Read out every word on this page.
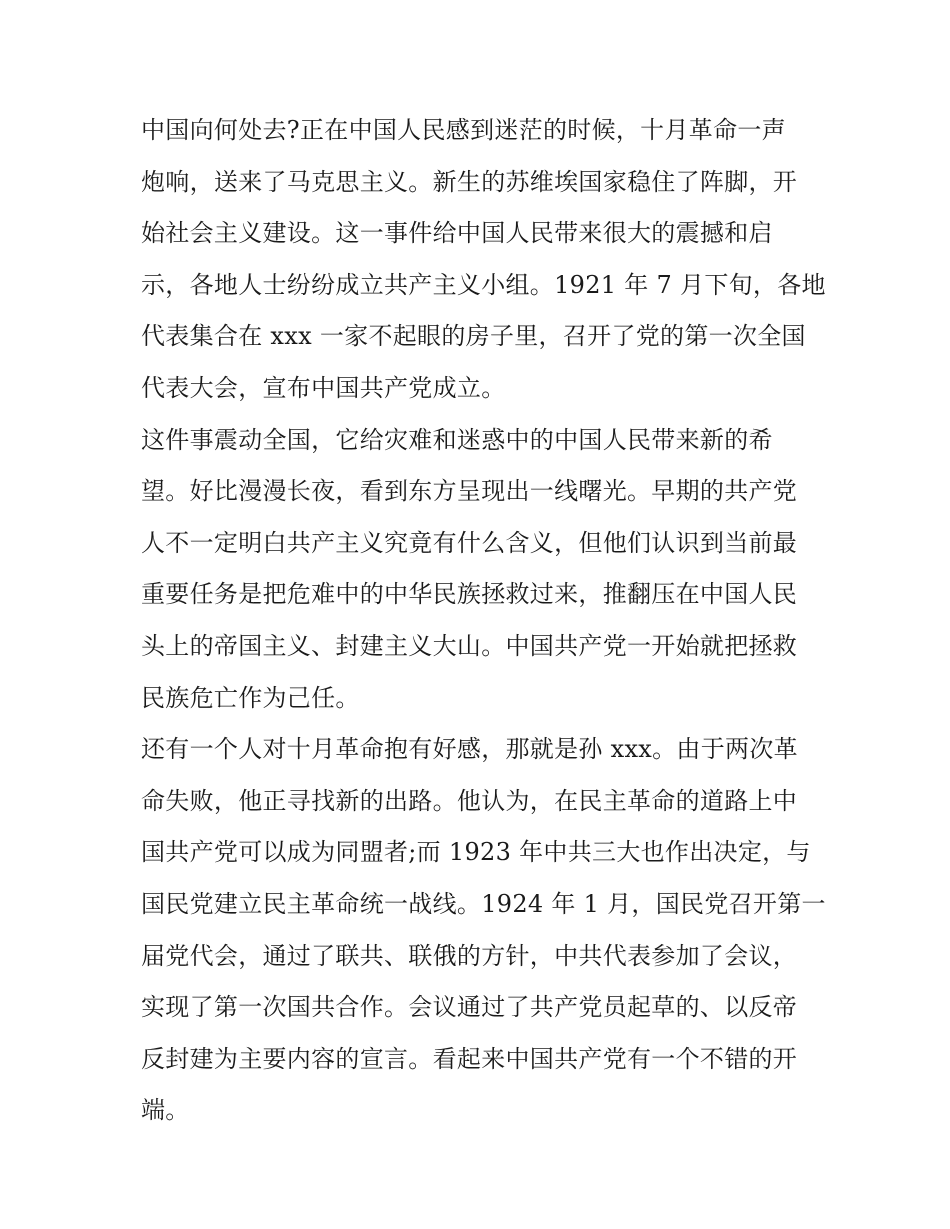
中国向何处去?正在中国人民感到迷茫的时候，十月革命一声
炮响，送来了马克思主义。新生的苏维埃国家稳住了阵脚，开
始社会主义建设。这一事件给中国人民带来很大的震撼和启
示，各地人士纷纷成立共产主义小组。1921 年 7 月下旬，各地
代表集合在 xxx 一家不起眼的房子里，召开了党的第一次全国
代表大会，宣布中国共产党成立。
这件事震动全国，它给灾难和迷惑中的中国人民带来新的希
望。好比漫漫长夜，看到东方呈现出一线曙光。早期的共产党
人不一定明白共产主义究竟有什么含义，但他们认识到当前最
重要任务是把危难中的中华民族拯救过来，推翻压在中国人民
头上的帝国主义、封建主义大山。中国共产党一开始就把拯救
民族危亡作为己任。
还有一个人对十月革命抱有好感，那就是孙 xxx。由于两次革
命失败，他正寻找新的出路。他认为，在民主革命的道路上中
国共产党可以成为同盟者;而 1923 年中共三大也作出决定，与
国民党建立民主革命统一战线。1924 年 1 月，国民党召开第一
届党代会，通过了联共、联俄的方针，中共代表参加了会议，
实现了第一次国共合作。会议通过了共产党员起草的、以反帝
反封建为主要内容的宣言。看起来中国共产党有一个不错的开
端。
